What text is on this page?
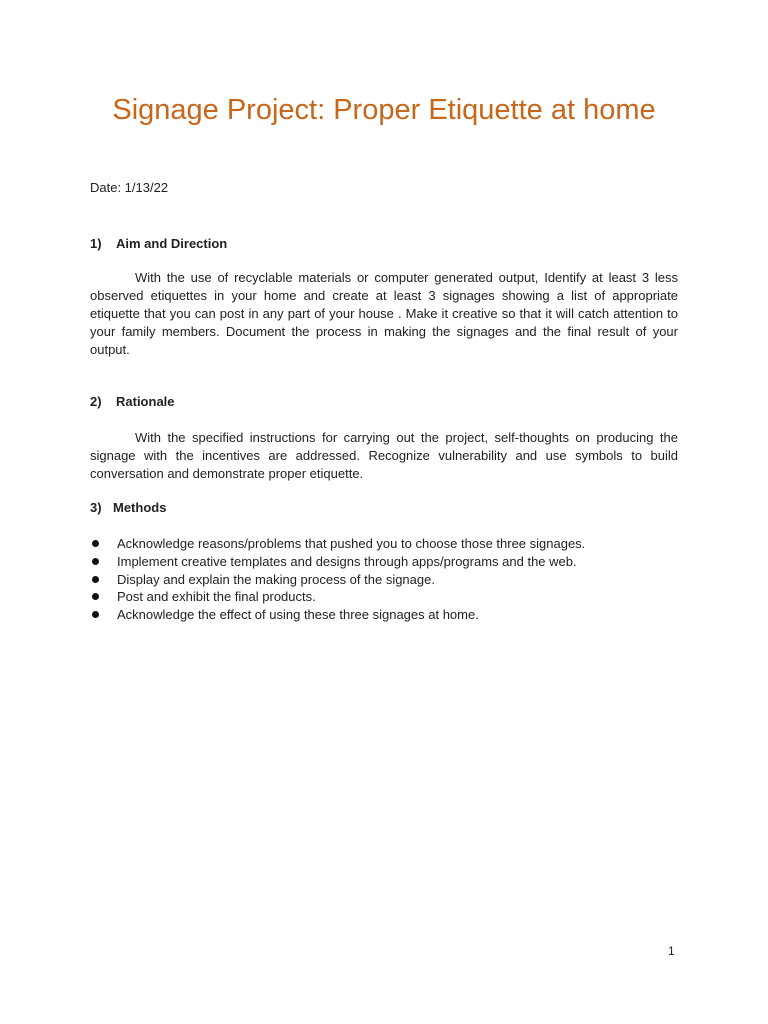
Signage Project: Proper Etiquette at home
Date: 1/13/22
1) Aim and Direction
With the use of recyclable materials or computer generated output, Identify at least 3 less observed etiquettes in your home and create at least 3 signages showing a list of appropriate etiquette that you can post in any part of your house . Make it creative so that it will catch attention to your family members. Document the process in making the signages and the final result of your output.
2) Rationale
With the specified instructions for carrying out the project, self-thoughts on producing the signage with the incentives are addressed. Recognize vulnerability and use symbols to build conversation and demonstrate proper etiquette.
3) Methods
Acknowledge reasons/problems that pushed you to choose those three signages.
Implement creative templates and designs through apps/programs and the web.
Display and explain the making process of the signage.
Post and exhibit the final products.
Acknowledge the effect of using these three signages at home.
1
